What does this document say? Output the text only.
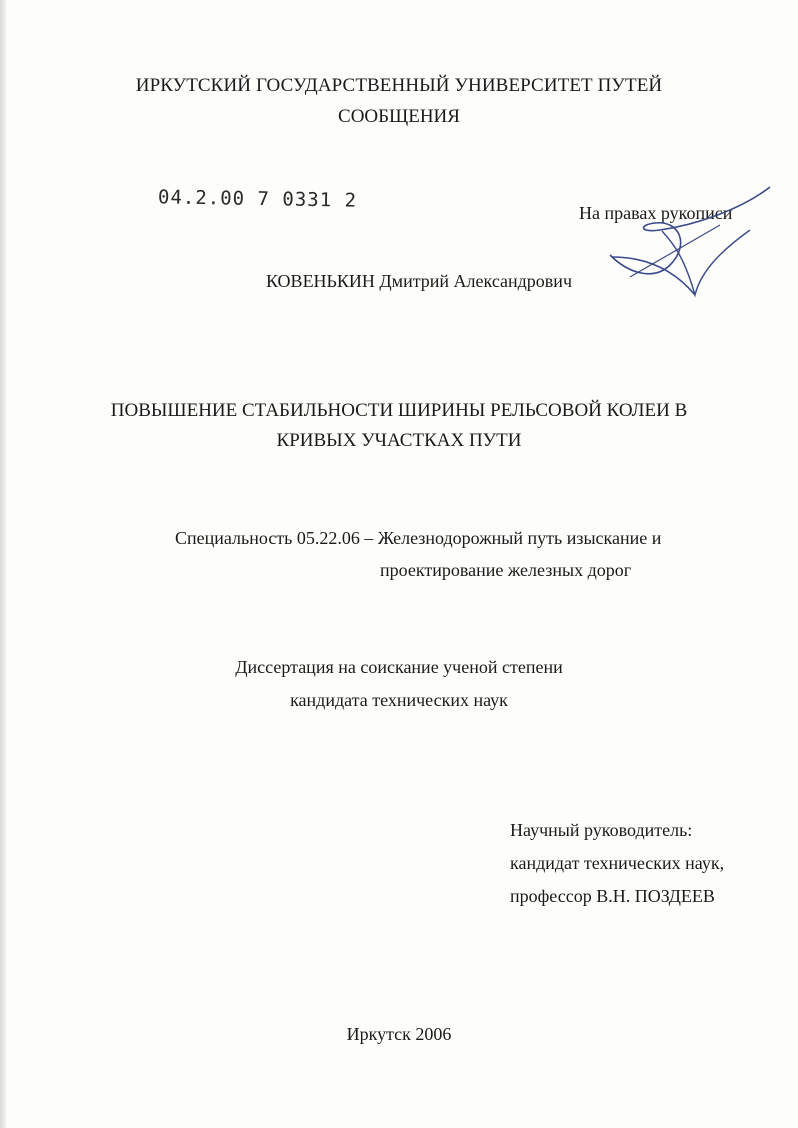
ИРКУТСКИЙ ГОСУДАРСТВЕННЫЙ УНИВЕРСИТЕТ ПУТЕЙ
СООБЩЕНИЯ
04.2.00 7 0331 2
На правах рукописи
КОВЕНЬКИН Дмитрий Александрович
ПОВЫШЕНИЕ СТАБИЛЬНОСТИ ШИРИНЫ РЕЛЬСОВОЙ КОЛЕИ В
КРИВЫХ УЧАСТКАХ ПУТИ
Специальность 05.22.06 – Железнодорожный путь изыскание и
проектирование железных дорог
Диссертация на соискание ученой степени
кандидата технических наук
Научный руководитель:
кандидат технических наук,
профессор В.Н. ПОЗДЕЕВ
Иркутск 2006
